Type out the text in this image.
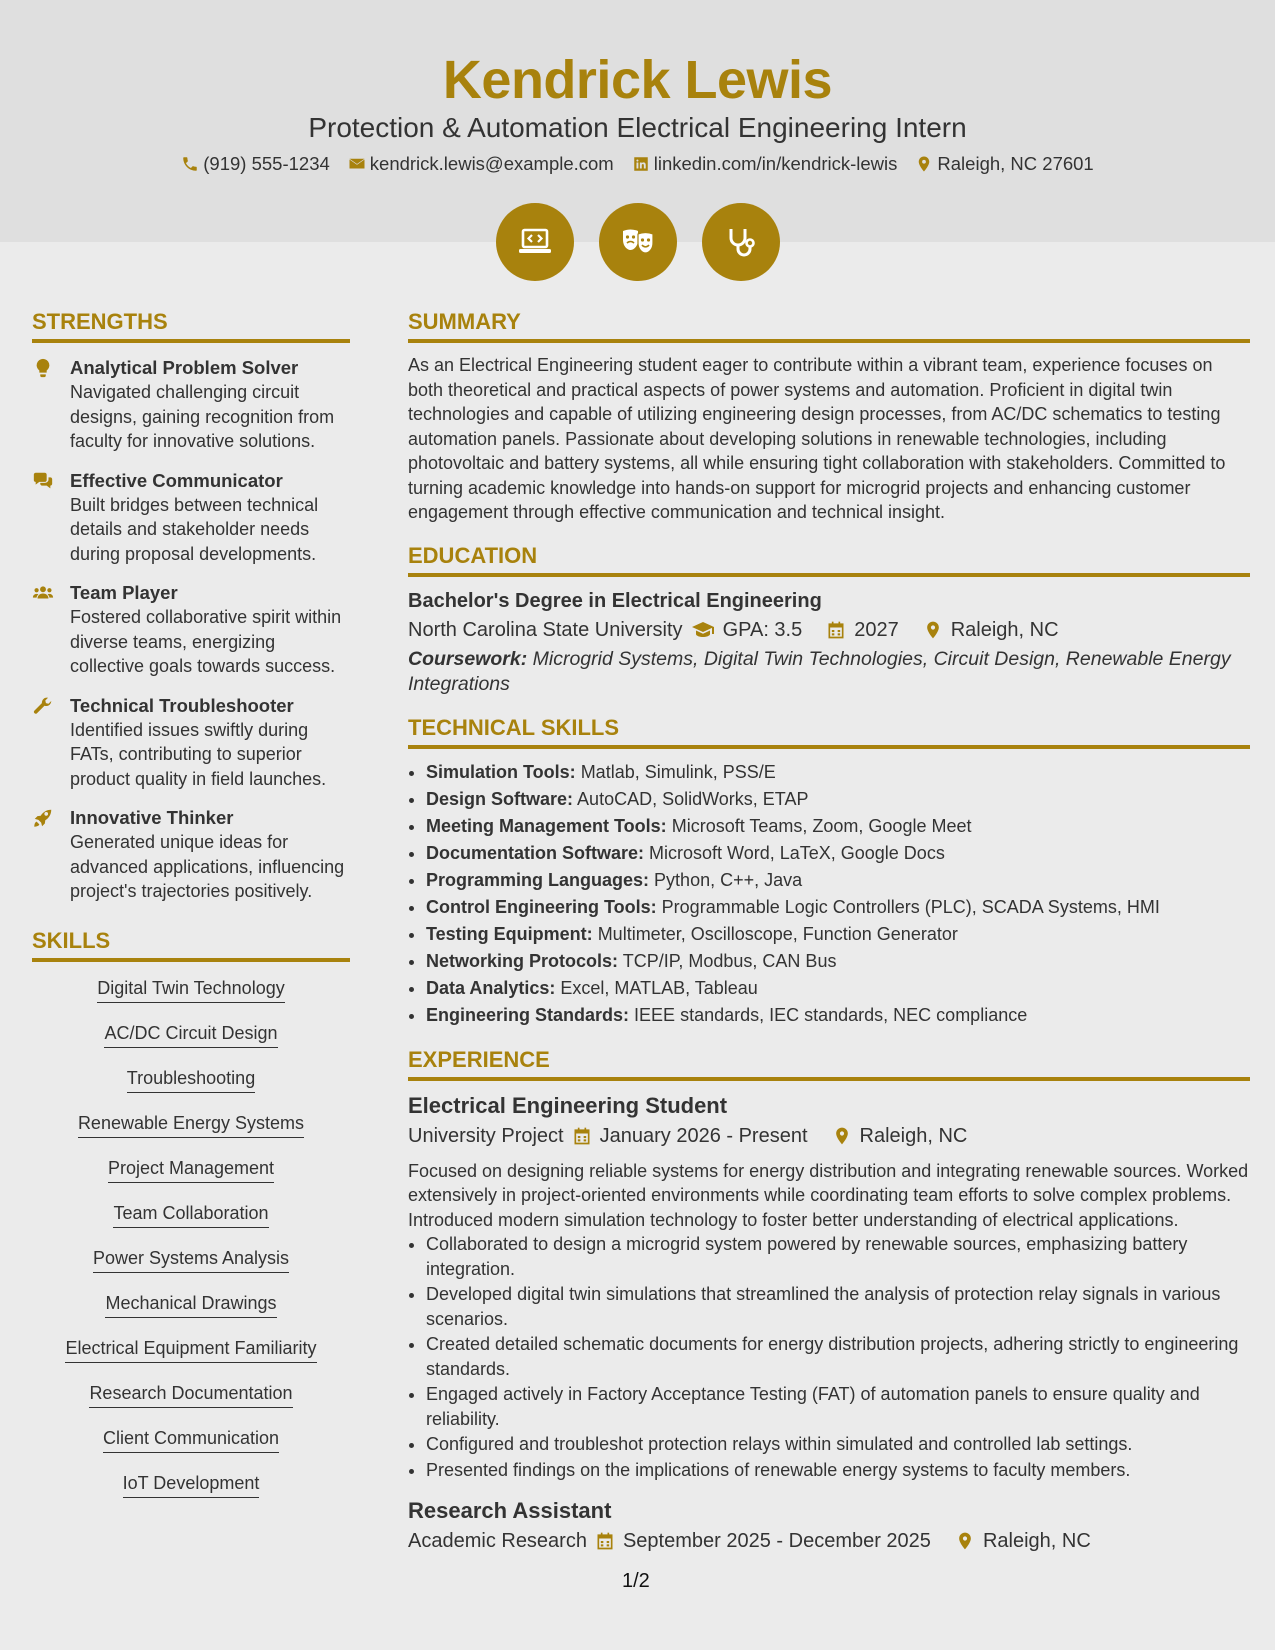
Kendrick Lewis
Protection & Automation Electrical Engineering Intern
(919) 555-1234 kendrick.lewis@example.com linkedin.com/in/kendrick-lewis Raleigh, NC 27601
STRENGTHS
Analytical Problem Solver
Navigated challenging circuit designs, gaining recognition from faculty for innovative solutions.
Effective Communicator
Built bridges between technical details and stakeholder needs during proposal developments.
Team Player
Fostered collaborative spirit within diverse teams, energizing collective goals towards success.
Technical Troubleshooter
Identified issues swiftly during FATs, contributing to superior product quality in field launches.
Innovative Thinker
Generated unique ideas for advanced applications, influencing project's trajectories positively.
SKILLS
Digital Twin Technology
AC/DC Circuit Design
Troubleshooting
Renewable Energy Systems
Project Management
Team Collaboration
Power Systems Analysis
Mechanical Drawings
Electrical Equipment Familiarity
Research Documentation
Client Communication
IoT Development
SUMMARY
As an Electrical Engineering student eager to contribute within a vibrant team, experience focuses on both theoretical and practical aspects of power systems and automation. Proficient in digital twin technologies and capable of utilizing engineering design processes, from AC/DC schematics to testing automation panels. Passionate about developing solutions in renewable technologies, including photovoltaic and battery systems, all while ensuring tight collaboration with stakeholders. Committed to turning academic knowledge into hands-on support for microgrid projects and enhancing customer engagement through effective communication and technical insight.
EDUCATION
Bachelor's Degree in Electrical Engineering
North Carolina State University GPA: 3.5	2027	Raleigh, NC
Coursework: Microgrid Systems, Digital Twin Technologies, Circuit Design, Renewable Energy Integrations
TECHNICAL SKILLS
• Simulation Tools: Matlab, Simulink, PSS/E
• Design Software: AutoCAD, SolidWorks, ETAP
• Meeting Management Tools: Microsoft Teams, Zoom, Google Meet
• Documentation Software: Microsoft Word, LaTeX, Google Docs
• Programming Languages: Python, C++, Java
• Control Engineering Tools: Programmable Logic Controllers (PLC), SCADA Systems, HMI
• Testing Equipment: Multimeter, Oscilloscope, Function Generator
• Networking Protocols: TCP/IP, Modbus, CAN Bus
• Data Analytics: Excel, MATLAB, Tableau
• Engineering Standards: IEEE standards, IEC standards, NEC compliance
EXPERIENCE
Electrical Engineering Student
University Project January 2026 - Present	Raleigh, NC
Focused on designing reliable systems for energy distribution and integrating renewable sources. Worked extensively in project-oriented environments while coordinating team efforts to solve complex problems. Introduced modern simulation technology to foster better understanding of electrical applications.
• Collaborated to design a microgrid system powered by renewable sources, emphasizing battery integration.
• Developed digital twin simulations that streamlined the analysis of protection relay signals in various scenarios.
• Created detailed schematic documents for energy distribution projects, adhering strictly to engineering standards.
• Engaged actively in Factory Acceptance Testing (FAT) of automation panels to ensure quality and reliability.
• Configured and troubleshot protection relays within simulated and controlled lab settings.
• Presented findings on the implications of renewable energy systems to faculty members.
Research Assistant
Academic Research September 2025 - December 2025	Raleigh, NC
1/2
